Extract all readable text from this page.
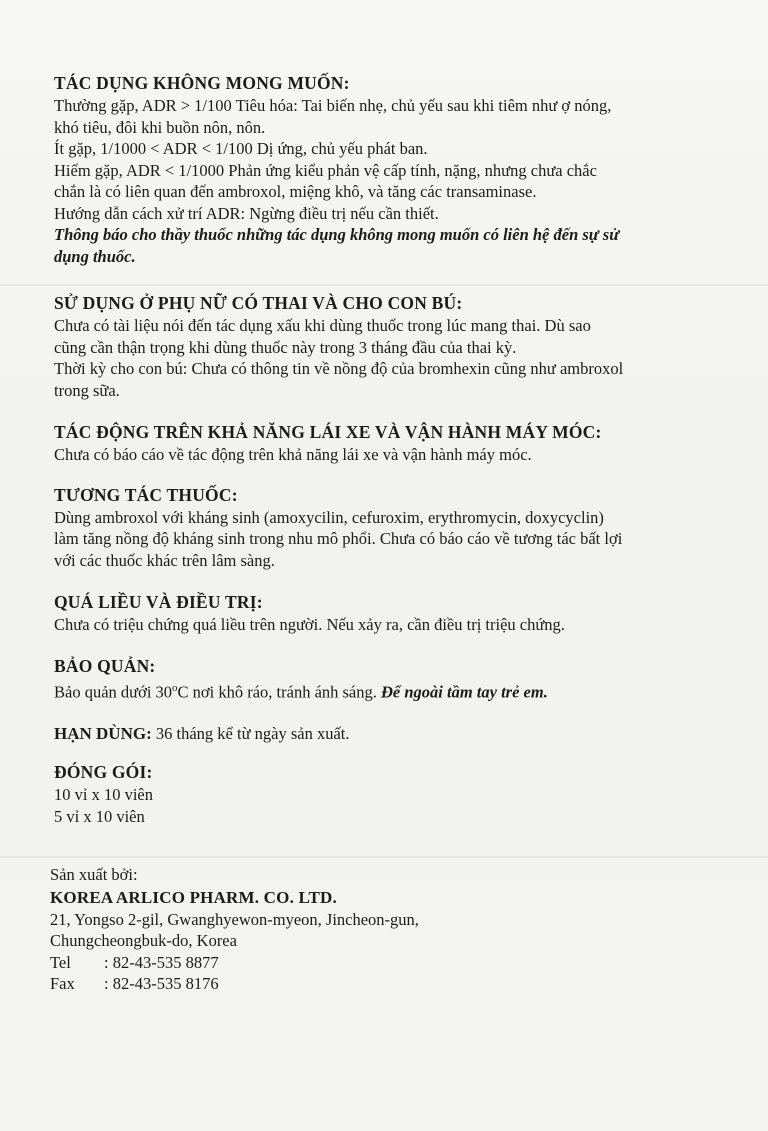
TÁC DỤNG KHÔNG MONG MUỐN:
Thường gặp, ADR > 1/100 Tiêu hóa: Tai biến nhẹ, chủ yếu sau khi tiêm như ợ nóng,
khó tiêu, đôi khi buồn nôn, nôn.
Ít gặp, 1/1000 < ADR < 1/100 Dị ứng, chủ yếu phát ban.
Hiếm gặp, ADR < 1/1000 Phản ứng kiểu phản vệ cấp tính, nặng, nhưng chưa chắc
chắn là có liên quan đến ambroxol, miệng khô, và tăng các transaminase.
Hướng dẫn cách xử trí ADR: Ngừng điều trị nếu cần thiết.
Thông báo cho thầy thuốc những tác dụng không mong muốn có liên hệ đến sự sử
dụng thuốc.
SỬ DỤNG Ở PHỤ NỮ CÓ THAI VÀ CHO CON BÚ:
Chưa có tài liệu nói đến tác dụng xấu khi dùng thuốc trong lúc mang thai. Dù sao
cũng cần thận trọng khi dùng thuốc này trong 3 tháng đầu của thai kỳ.
Thời kỳ cho con bú: Chưa có thông tin về nồng độ của bromhexin cũng như ambroxol
trong sữa.
TÁC ĐỘNG TRÊN KHẢ NĂNG LÁI XE VÀ VẬN HÀNH MÁY MÓC:
Chưa có báo cáo về tác động trên khả năng lái xe và vận hành máy móc.
TƯƠNG TÁC THUỐC:
Dùng ambroxol với kháng sinh (amoxycilin, cefuroxim, erythromycin, doxycyclin)
làm tăng nồng độ kháng sinh trong nhu mô phổi. Chưa có báo cáo về tương tác bất lợi
với các thuốc khác trên lâm sàng.
QUÁ LIỀU VÀ ĐIỀU TRỊ:
Chưa có triệu chứng quá liều trên người. Nếu xảy ra, cần điều trị triệu chứng.
BẢO QUẢN:
Bảo quản dưới 30$^o$C nơi khô ráo, tránh ánh sáng. Để ngoài tầm tay trẻ em.
HẠN DÙNG: 36 tháng kể từ ngày sản xuất.
ĐÓNG GÓI:
10 vỉ x 10 viên
5 vỉ x 10 viên
Sản xuất bởi:
KOREA ARLICO PHARM. CO. LTD.
21, Yongso 2-gil, Gwanghyewon-myeon, Jincheon-gun,
Chungcheongbuk-do, Korea
Tel	: 82-43-535 8877
Fax	: 82-43-535 8176
